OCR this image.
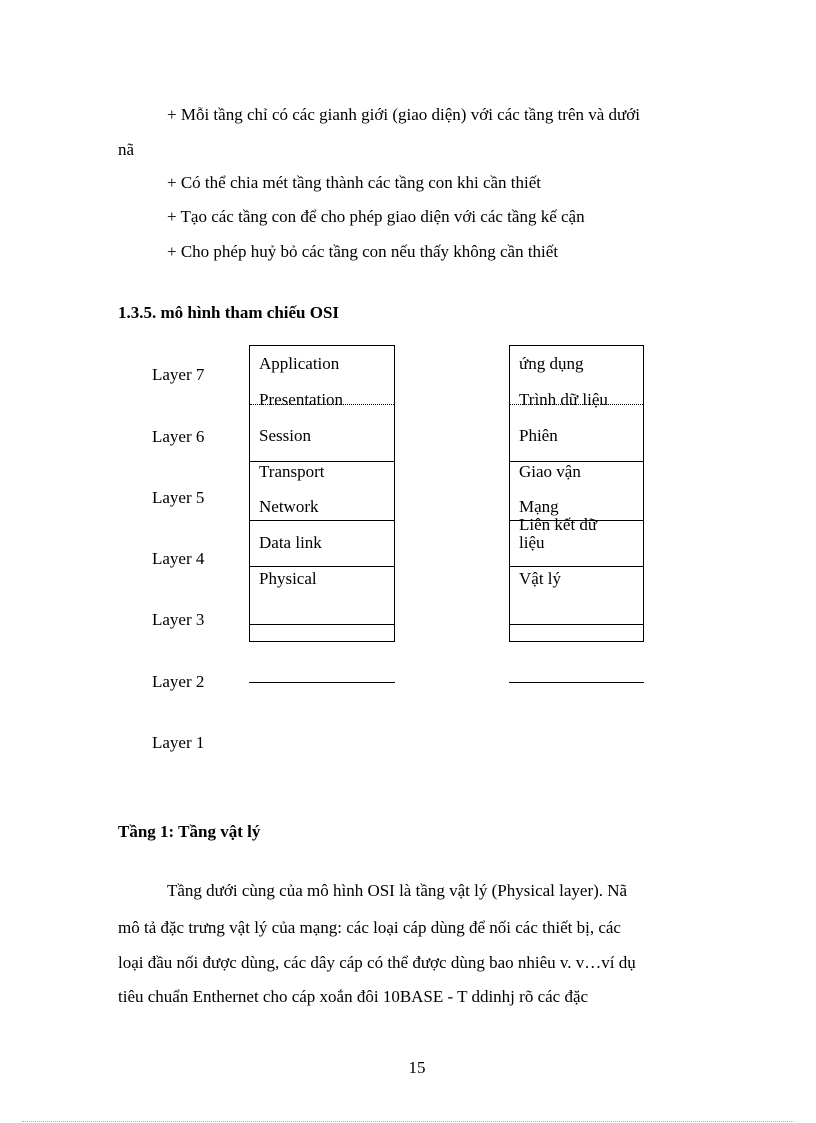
+ Mỗi tầng chỉ có các gianh giới (giao diện) với các tầng trên và dưới
nã
+ Có thể chia mét tầng thành các tầng con khi cần thiết
+ Tạo các tầng con để cho phép giao diện với các tầng kế cận
+ Cho phép huỷ bỏ các tầng con nếu thấy không cần thiết
1.3.5. mô hình tham chiếu OSI
Layer 7
Layer 6
Layer 5
Layer 4
Layer 3
Layer 2
Layer 1
Application
Presentation
Session
Transport
Network
Data link
Physical
ứng dụng
Trình dữ liệu
Phiên
Giao vận
Mạng
Liên kết dữ
liệu
Vật lý
Tầng 1: Tầng vật lý
Tầng dưới cùng của mô hình OSI là tầng vật lý (Physical layer). Nã
mô tả đặc trưng vật lý của mạng: các loại cáp dùng để nối các thiết bị, các
loại đầu nối được dùng, các dây cáp có thể được dùng bao nhiêu v. v…ví dụ
tiêu chuẩn Enthernet cho cáp xoắn đôi 10BASE - T ddinhj rõ các đặc
15
